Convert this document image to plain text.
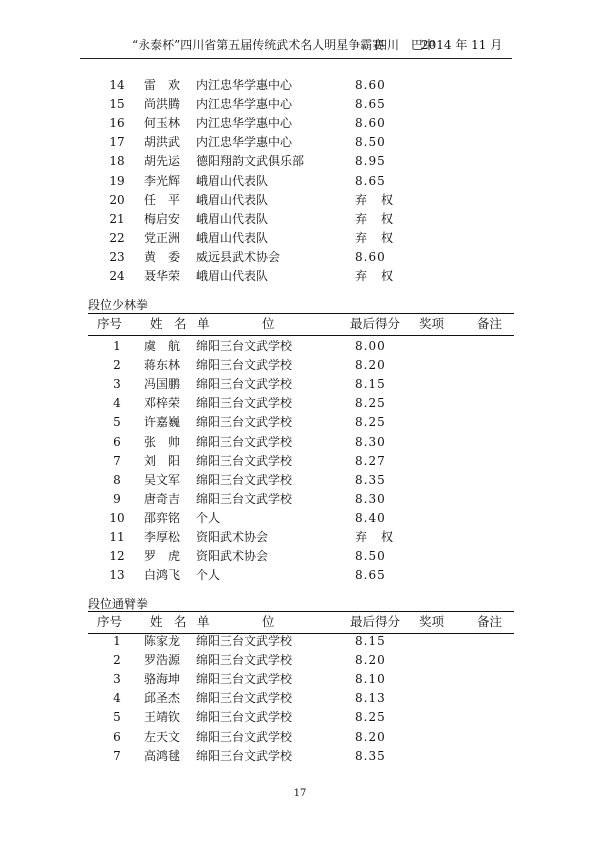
“永泰杯”四川省第五届传统武术名人明星争霸赛
四川　巴中
2014 年 11 月
14	雷　欢 内江忠华学惠中心	8.60
15	尚洪腾 内江忠华学惠中心	8.65
16	何玉林 内江忠华学惠中心	8.60
17	胡洪武 内江忠华学惠中心	8.50
18	胡先运 德阳翔韵文武俱乐部	8.95
19	李光辉 峨眉山代表队	8.65
20	任　平 峨眉山代表队	弃　权
21	梅启安 峨眉山代表队	弃　权
22	党正洲 峨眉山代表队	弃　权
23	黄　委 威远县武术协会	8.60
24	聂华荣 峨眉山代表队	弃　权
段位少林拳
序号 姓 名 单	位	最后得分 奖项	备注
1	虞　航 绵阳三台文武学校	8.00
2	蒋东林 绵阳三台文武学校	8.20
3	冯国鹏 绵阳三台文武学校	8.15
4	邓梓荣 绵阳三台文武学校	8.25
5	许嘉巍 绵阳三台文武学校	8.25
6	张　帅 绵阳三台文武学校	8.30
7	刘　阳 绵阳三台文武学校	8.27
8	吴文军 绵阳三台文武学校	8.35
9	唐奇吉 绵阳三台文武学校	8.30
10	邵弈铭 个人	8.40
11	李厚松 资阳武术协会	弃　权
12	罗　虎 资阳武术协会	8.50
13	白鸿飞 个人	8.65
段位通臂拳
序号 姓 名 单	位	最后得分 奖项	备注
1	陈家龙 绵阳三台文武学校	8.15
2	罗浩源 绵阳三台文武学校	8.20
3	骆海坤 绵阳三台文武学校	8.10
4	邱圣杰 绵阳三台文武学校	8.13
5	王靖钦 绵阳三台文武学校	8.25
6	左天文 绵阳三台文武学校	8.20
7	高鸿毬 绵阳三台文武学校	8.35
17
